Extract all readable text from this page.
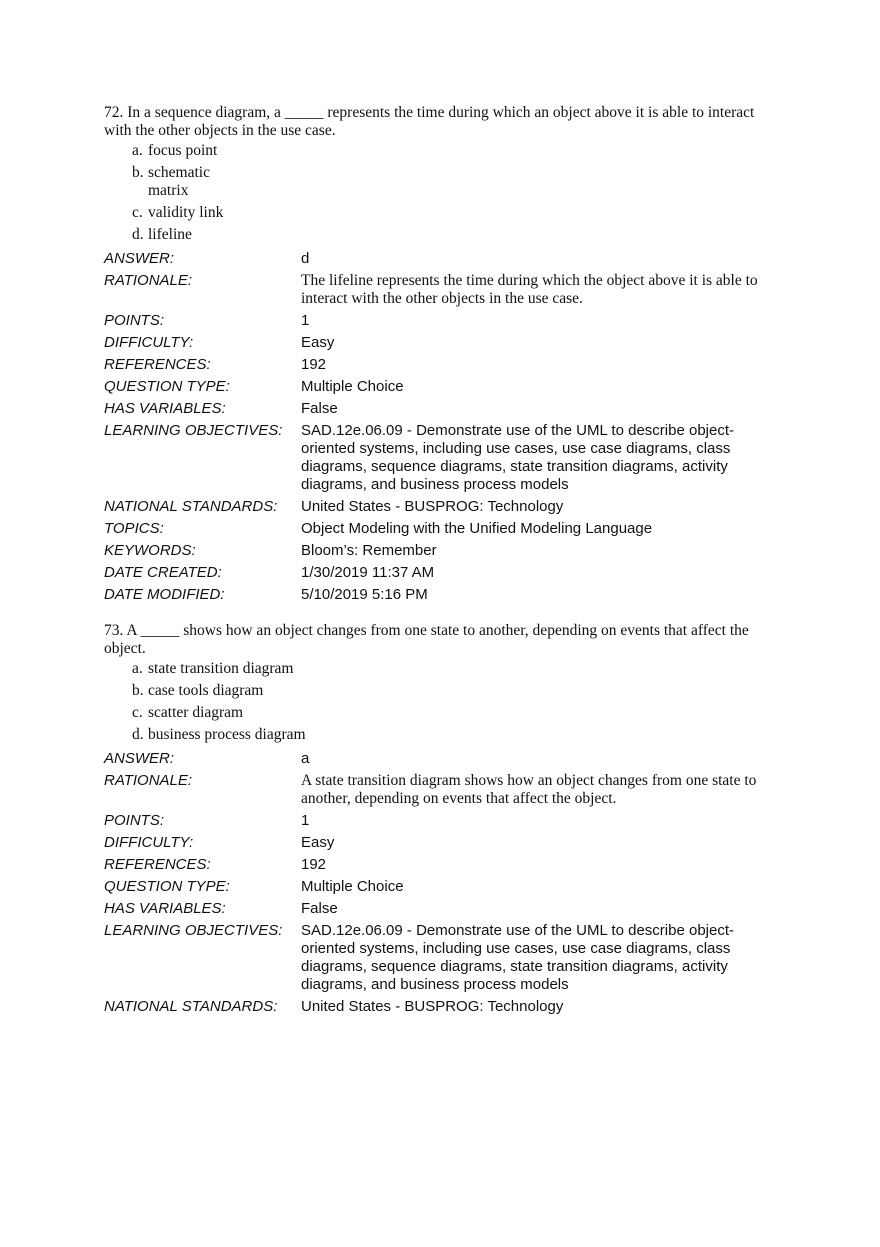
72. In a sequence diagram, a _____ represents the time during which an object above it is able to interact with the other objects in the use case.

a. focus point
b. schematic matrix
c. validity link
d. lifeline
ANSWER:	d
RATIONALE:	The lifeline represents the time during which the object above it is able to interact with the other objects in the use case.
POINTS:	1
DIFFICULTY:	Easy
REFERENCES:	192
QUESTION TYPE:	Multiple Choice
HAS VARIABLES:	False
LEARNING OBJECTIVES:	SAD.12e.06.09 - Demonstrate use of the UML to describe object-oriented systems, including use cases, use case diagrams, class diagrams, sequence diagrams, state transition diagrams, activity diagrams, and business process models
NATIONAL STANDARDS:	United States - BUSPROG: Technology
TOPICS:	Object Modeling with the Unified Modeling Language
KEYWORDS:	Bloom’s: Remember
DATE CREATED:	1/30/2019 11:37 AM
DATE MODIFIED:	5/10/2019 5:16 PM

73. A _____ shows how an object changes from one state to another, depending on events that affect the object.

a. state transition diagram
b. case tools diagram
c. scatter diagram
d. business process diagram
ANSWER:	a
RATIONALE:	A state transition diagram shows how an object changes from one state to another, depending on events that affect the object.
POINTS:	1
DIFFICULTY:	Easy
REFERENCES:	192
QUESTION TYPE:	Multiple Choice
HAS VARIABLES:	False
LEARNING OBJECTIVES:	SAD.12e.06.09 - Demonstrate use of the UML to describe object-oriented systems, including use cases, use case diagrams, class diagrams, sequence diagrams, state transition diagrams, activity diagrams, and business process models
NATIONAL STANDARDS:	United States - BUSPROG: Technology
